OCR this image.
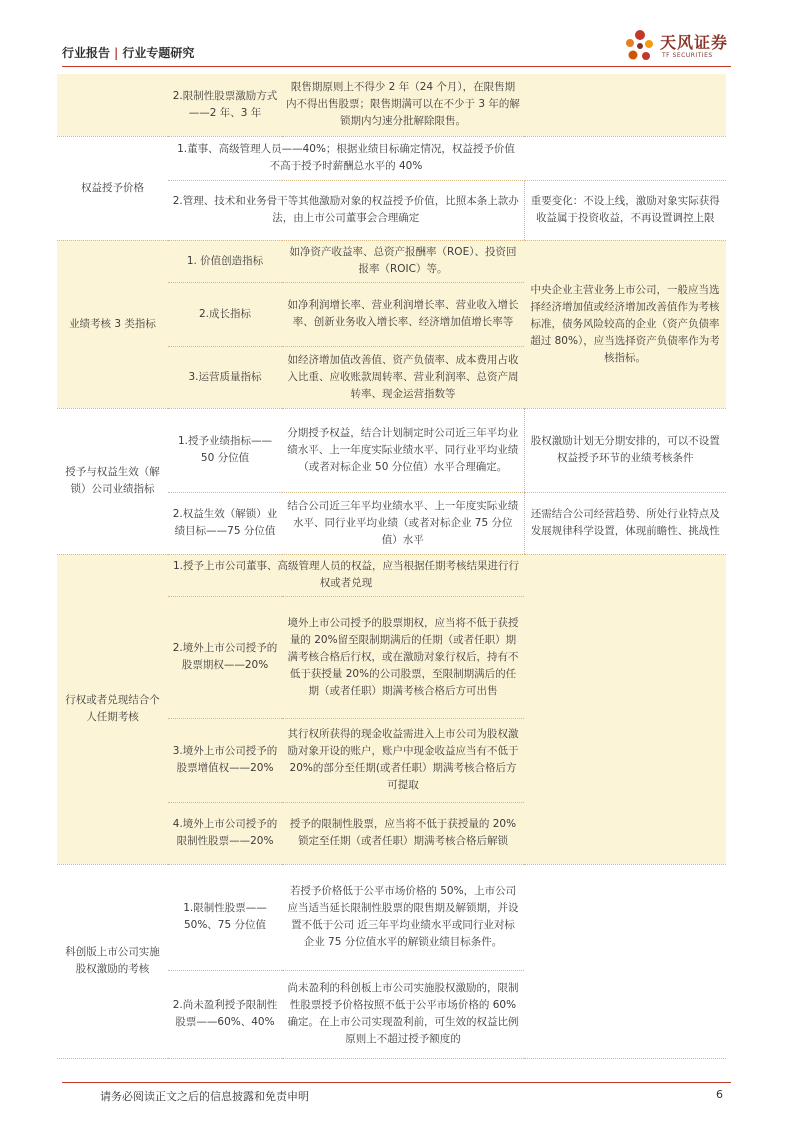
行业报告 | 行业专题研究
天风证券
TF SECURITIES
	2.限制性股票激励方式——2 年、3 年	限售期原则上不得少 2 年（24 个月），在限售期内不得出售股票；限售期满可以在不少于 3 年的解锁期内匀速分批解除限售。	
权益授予价格	1.董事、高级管理人员——40%；根据业绩目标确定情况，权益授予价值不高于授予时薪酬总水平的 40%		
	2.管理、技术和业务骨干等其他激励对象的权益授予价值，比照本条上款办法，由上市公司董事会合理确定		重要变化：不设上线，激励对象实际获得收益属于投资收益，不再设置调控上限
业绩考核 3 类指标	1. 价值创造指标	如净资产收益率、总资产报酬率（ROE）、投资回报率（ROIC）等。	中央企业主营业务上市公司，一般应当选择经济增加值或经济增加改善值作为考核标准，债务风险较高的企业（资产负债率超过 80%），应当选择资产负债率作为考核指标。
	2.成长指标	如净利润增长率、营业利润增长率、营业收入增长率、创新业务收入增长率、经济增加值增长率等	
	3.运营质量指标	如经济增加值改善值、资产负债率、成本费用占收入比重、应收账款周转率、营业利润率、总资产周转率、现金运营指数等	
授予与权益生效（解锁）公司业绩指标	1.授予业绩指标——50 分位值	分期授予权益，结合计划制定时公司近三年平均业绩水平、上一年度实际业绩水平、同行业平均业绩（或者对标企业 50 分位值）水平合理确定。	股权激励计划无分期安排的，可以不设置权益授予环节的业绩考核条件
	2.权益生效（解锁）业绩目标——75 分位值	结合公司近三年平均业绩水平、上一年度实际业绩水平、同行业平均业绩（或者对标企业 75 分位值）水平	还需结合公司经营趋势、所处行业特点及发展规律科学设置，体现前瞻性、挑战性
行权或者兑现结合个人任期考核	1.授予上市公司董事、高级管理人员的权益，应当根据任期考核结果进行行权或者兑现		
	2.境外上市公司授予的股票期权——20%	境外上市公司授予的股票期权，应当将不低于获授量的 20%留至限制期满后的任期（或者任职）期满考核合格后行权，或在激励对象行权后，持有不低于获授量 20%的公司股票，至限制期满后的任期（或者任职）期满考核合格后方可出售	
	3.境外上市公司授予的股票增值权——20%	其行权所获得的现金收益需进入上市公司为股权激励对象开设的账户，账户中现金收益应当有不低于 20%的部分至任期(或者任职）期满考核合格后方可提取	
	4.境外上市公司授予的限制性股票——20%	授予的限制性股票，应当将不低于获授量的 20%锁定至任期（或者任职）期满考核合格后解锁	
科创版上市公司实施股权激励的考核	1.限制性股票——50%、75 分位值	若授予价格低于公平市场价格的 50%，上市公司应当适当延长限制性股票的限售期及解锁期，并设置不低于公司 近三年平均业绩水平或同行业对标企业 75 分位值水平的解锁业绩目标条件。	
	2.尚未盈利授予限制性股票——60%、40%	尚未盈利的科创板上市公司实施股权激励的，限制性股票授予价格按照不低于公平市场价格的 60%确定。在上市公司实现盈利前，可生效的权益比例原则上不超过授予额度的	
请务必阅读正文之后的信息披露和免责申明	6
